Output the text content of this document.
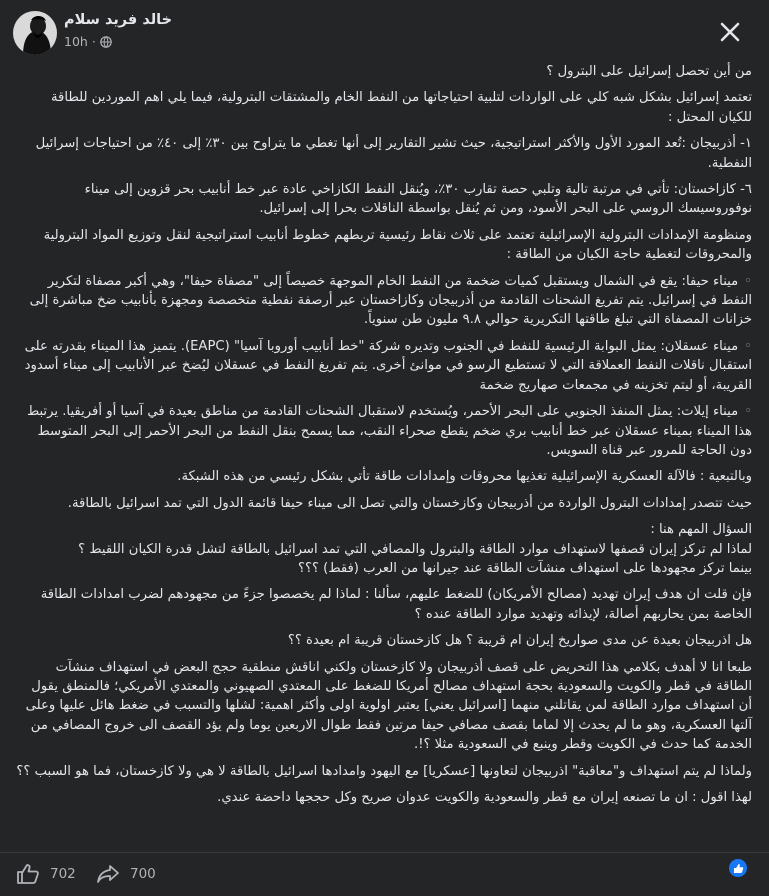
خالد فريد سلام
10h ·

من أين تحصل إسرائيل على البترول ؟

تعتمد إسرائيل بشكل شبه كلي على الواردات لتلبية احتياجاتها من النفط الخام والمشتقات البترولية، فيما يلي اهم الموردين للطاقة للكيان المحتل :

١- أذربيجان :تُعد المورد الأول والأكثر استراتيجية، حيث تشير التقارير إلى أنها تغطي ما يتراوح بين ٣٠٪ إلى ٤٠٪ من احتياجات إسرائيل النفطية.

٦- كازاخستان: تأتي في مرتبة تالية وتلبي حصة تقارب ٣٠٪، ويُنقل النفط الكازاخي عادة عبر خط أنابيب بحر قزوين إلى ميناء نوفوروسيسك الروسي على البحر الأسود، ومن ثم يُنقل بواسطة الناقلات بحرا إلى إسرائيل.

ومنظومة الإمدادات البترولية الإسرائيلية تعتمد على ثلاث نقاط رئيسية تربطهم خطوط أنابيب استراتيجية لنقل وتوزيع المواد البترولية والمحروقات لتغطية حاجة الكيان من الطاقة :

◦ميناء حيفا: يقع في الشمال ويستقبل كميات ضخمة من النفط الخام الموجهة خصيصاً إلى "مصفاة حيفا"، وهي أكبر مصفاة لتكرير النفط في إسرائيل. يتم تفريغ الشحنات القادمة من أذربيجان وكازاخستان عبر أرصفة نفطية متخصصة ومجهزة بأنابيب ضخ مباشرة إلى خزانات المصفاة التي تبلغ طاقتها التكريرية حوالي ٩.٨ مليون طن سنوياً.

◦ميناء عسقلان: يمثل البوابة الرئيسية للنفط في الجنوب وتديره شركة "خط أنابيب أوروبا آسيا" (EAPC). يتميز هذا الميناء بقدرته على استقبال ناقلات النفط العملاقة التي لا تستطيع الرسو في موانئ أخرى. يتم تفريغ النفط في عسقلان ليُضخ عبر الأنابيب إلى ميناء أسدود القريبة، أو ليتم تخزينه في مجمعات صهاريج ضخمة

◦ميناء إيلات: يمثل المنفذ الجنوبي على البحر الأحمر، ويُستخدم لاستقبال الشحنات القادمة من مناطق بعيدة في آسيا أو أفريقيا. يرتبط هذا الميناء بميناء عسقلان عبر خط أنابيب بري ضخم يقطع صحراء النقب، مما يسمح بنقل النفط من البحر الأحمر إلى البحر المتوسط دون الحاجة للمرور عبر قناة السويس.

وبالتبعية : فالآلة العسكرية الإسرائيلية تغذيها محروقات وإمدادات طاقة تأتي بشكل رئيسي من هذه الشبكة.

حيث تتصدر إمدادات البترول الواردة من أذربيجان وكازخستان والتي تصل الى ميناء حيفا قائمة الدول التي تمد اسرائيل بالطاقة.

السؤال المهم هنا :
لماذا لم تركز إيران قصفها لاستهداف موارد الطاقة والبترول والمصافي التي تمد اسرائيل بالطاقة لتشل قدرة الكيان اللقيط ؟
بينما تركز مجهودها على استهداف منشآت الطاقة عند جيرانها من العرب (فقط) ؟؟؟

فإن قلت ان هدف إيران تهديد (مصالح الأمريكان) للضغط عليهم، سألنا : لماذا لم يخصصوا جزءً من مجهودهم لضرب امدادات الطاقة الخاصة بمن يحاربهم أصالة، لإيذائه وتهديد موارد الطاقة عنده ؟

هل اذربيجان بعيدة عن مدى صواريخ إيران ام قريبة ؟ هل كازخستان قريبة ام بعيدة ؟؟

طبعا انا لا أهدف بكلامي هذا التحريض على قصف أذربيجان ولا كازخستان ولكني اناقش منطقية حجج البعض في استهداف منشآت الطاقة في قطر والكويت والسعودية بحجة استهداف مصالح أمريكا للضغط على المعتدي الصهيوني والمعتدي الأمريكي؛ فالمنطق يقول أن استهداف موارد الطاقة لمن يقاتلني منهما [اسرائيل يعني] يعتبر اولوية اولى وأكثر اهمية: لشلها والتسبب في ضغط هائل عليها وعلى آلتها العسكرية، وهو ما لم يحدث إلا لماما بقصف مصافي حيفا مرتين فقط طوال الاربعين يوما ولم يؤد القصف الى خروج المصافي من الخدمة كما حدث في الكويت وقطر وينبع في السعودية مثلا ؟!.

ولماذا لم يتم استهداف و"معاقبة" اذربيجان لتعاونها [عسكريا] مع اليهود وامدادها اسرائيل بالطاقة لا هي ولا كازخستان، فما هو السبب ؟؟

لهذا اقول : ان ما تصنعه إيران مع قطر والسعودية والكويت عدوان صريح وكل حججها داحضة عندي.

702	700
